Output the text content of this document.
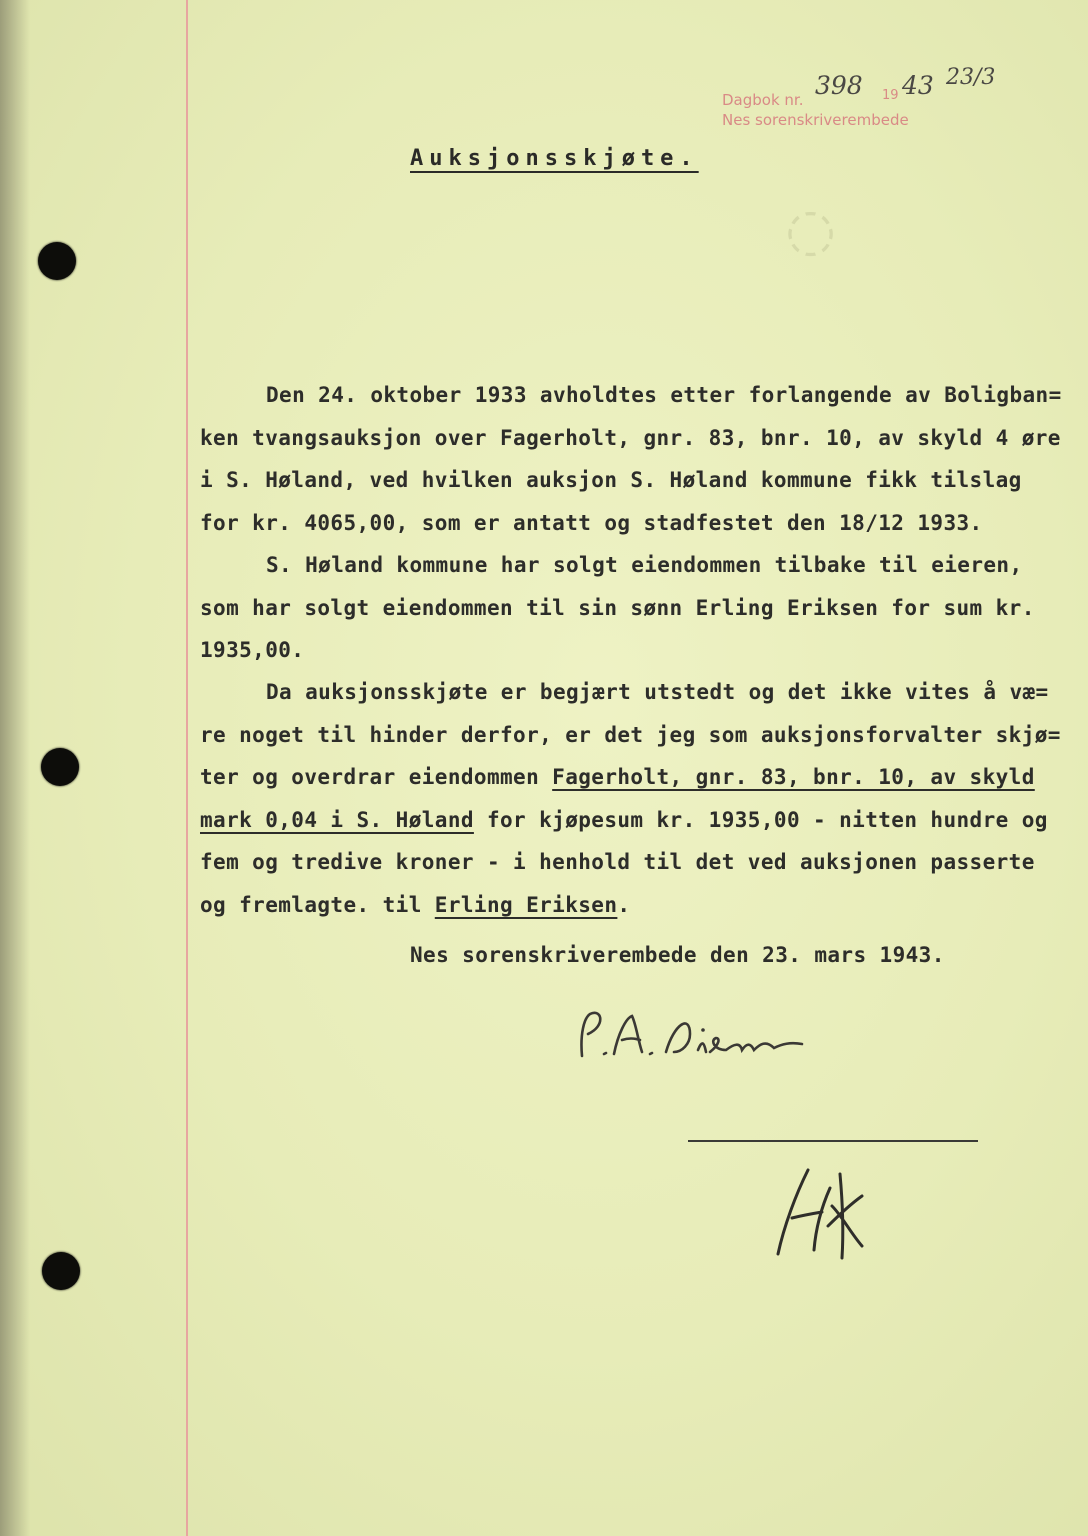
◌
Dagbok nr.
Nes sorenskriverembede
398 19 43 23/3
Auksjonsskjøte.
Den 24. oktober 1933 avholdtes etter forlangende av Boligban=
ken tvangsauksjon over Fagerholt, gnr. 83, bnr. 10, av skyld 4 øre
i S. Høland, ved hvilken auksjon S. Høland kommune fikk tilslag
for kr. 4065,00, som er antatt og stadfestet den 18/12 1933.
S. Høland kommune har solgt eiendommen tilbake til eieren,
som har solgt eiendommen til sin sønn Erling Eriksen for sum kr.
1935,00.
Da auksjonsskjøte er begjært utstedt og det ikke vites å væ=
re noget til hinder derfor, er det jeg som auksjonsforvalter skjø=
ter og overdrar eiendommen Fagerholt, gnr. 83, bnr. 10, av skyld
mark 0,04 i S. Høland for kjøpesum kr. 1935,00 - nitten hundre og
fem og tredive kroner - i henhold til det ved auksjonen passerte
og fremlagte. til Erling Eriksen.
Nes sorenskriverembede den 23. mars 1943.
